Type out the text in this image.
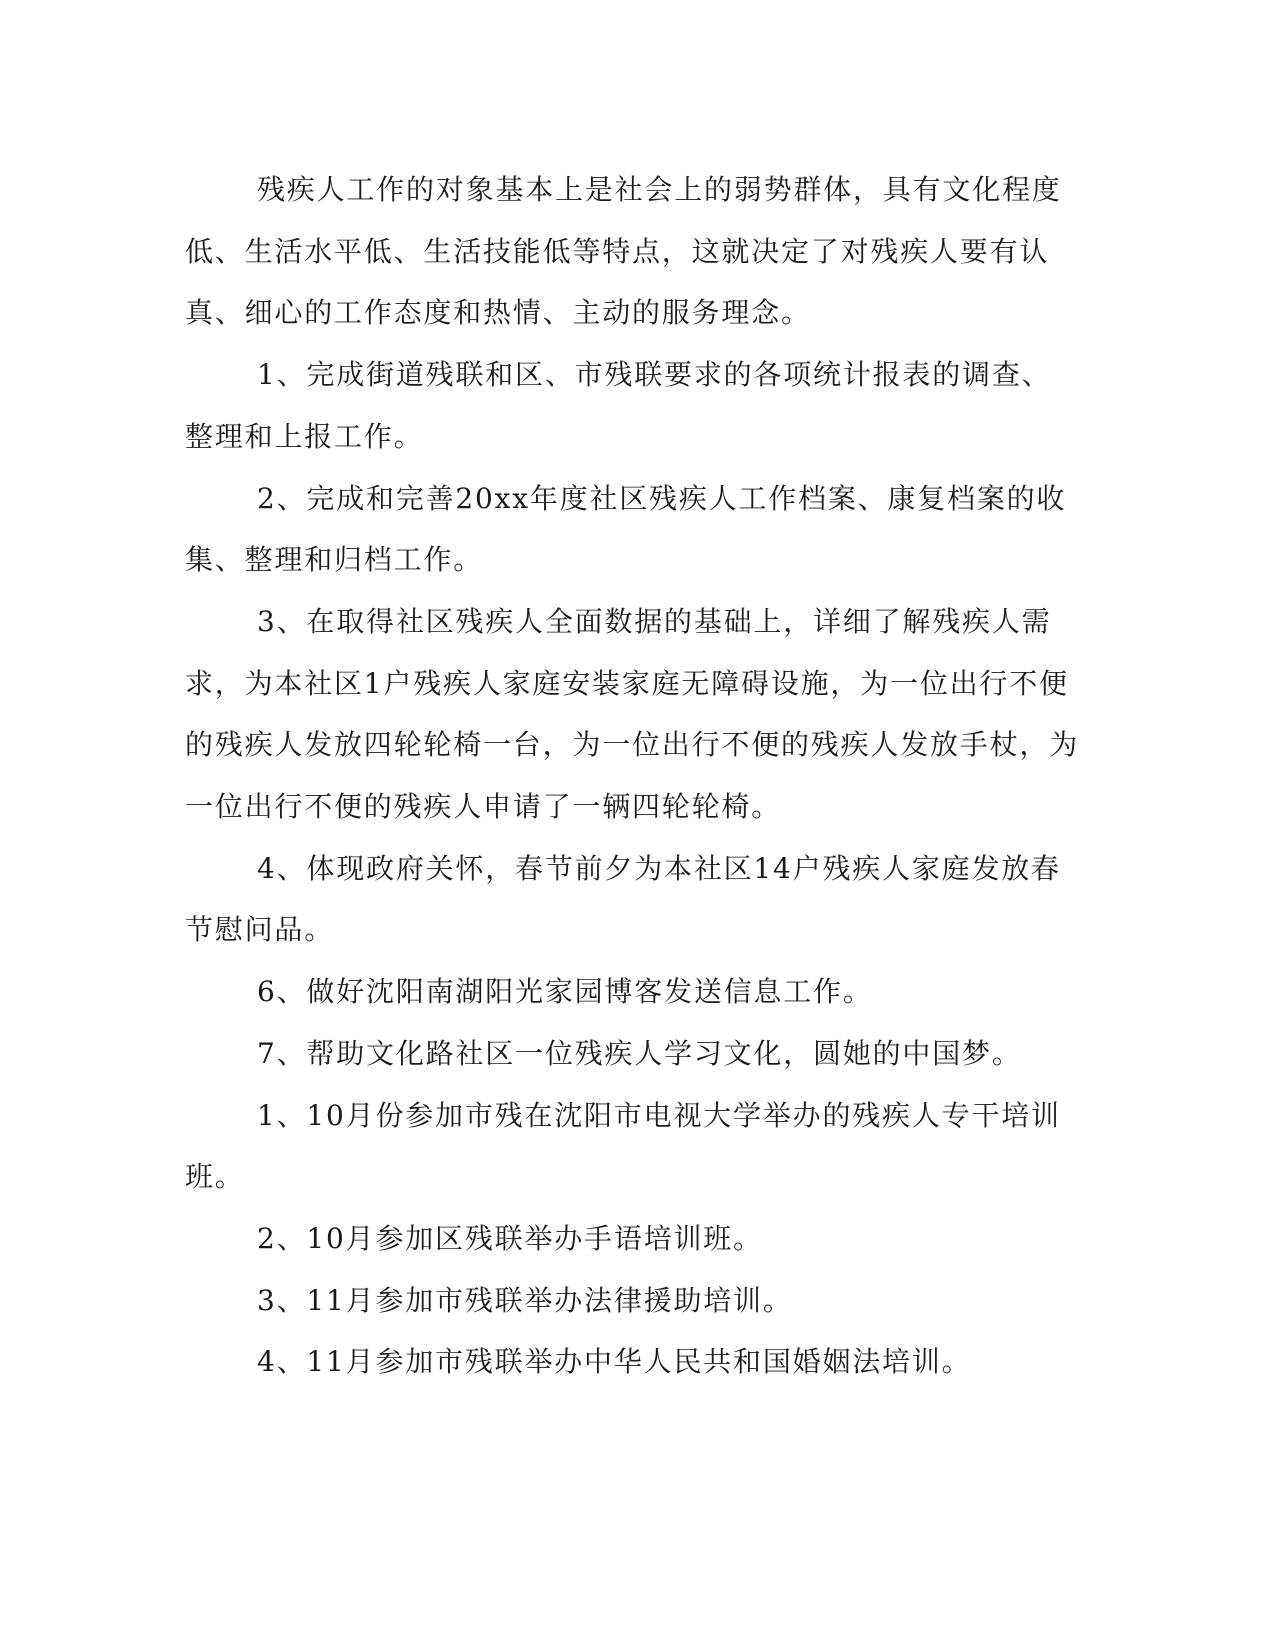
残疾人工作的对象基本上是社会上的弱势群体，具有文化程度低、生活水平低、生活技能低等特点，这就决定了对残疾人要有认真、细心的工作态度和热情、主动的服务理念。

1、完成街道残联和区、市残联要求的各项统计报表的调查、整理和上报工作。

2、完成和完善20xx年度社区残疾人工作档案、康复档案的收集、整理和归档工作。

3、在取得社区残疾人全面数据的基础上，详细了解残疾人需求，为本社区1户残疾人家庭安装家庭无障碍设施，为一位出行不便的残疾人发放四轮轮椅一台，为一位出行不便的残疾人发放手杖，为一位出行不便的残疾人申请了一辆四轮轮椅。

4、体现政府关怀，春节前夕为本社区14户残疾人家庭发放春节慰问品。

6、做好沈阳南湖阳光家园博客发送信息工作。

7、帮助文化路社区一位残疾人学习文化，圆她的中国梦。

1、10月份参加市残在沈阳市电视大学举办的残疾人专干培训班。

2、10月参加区残联举办手语培训班。

3、11月参加市残联举办法律援助培训。

4、11月参加市残联举办中华人民共和国婚姻法培训。
